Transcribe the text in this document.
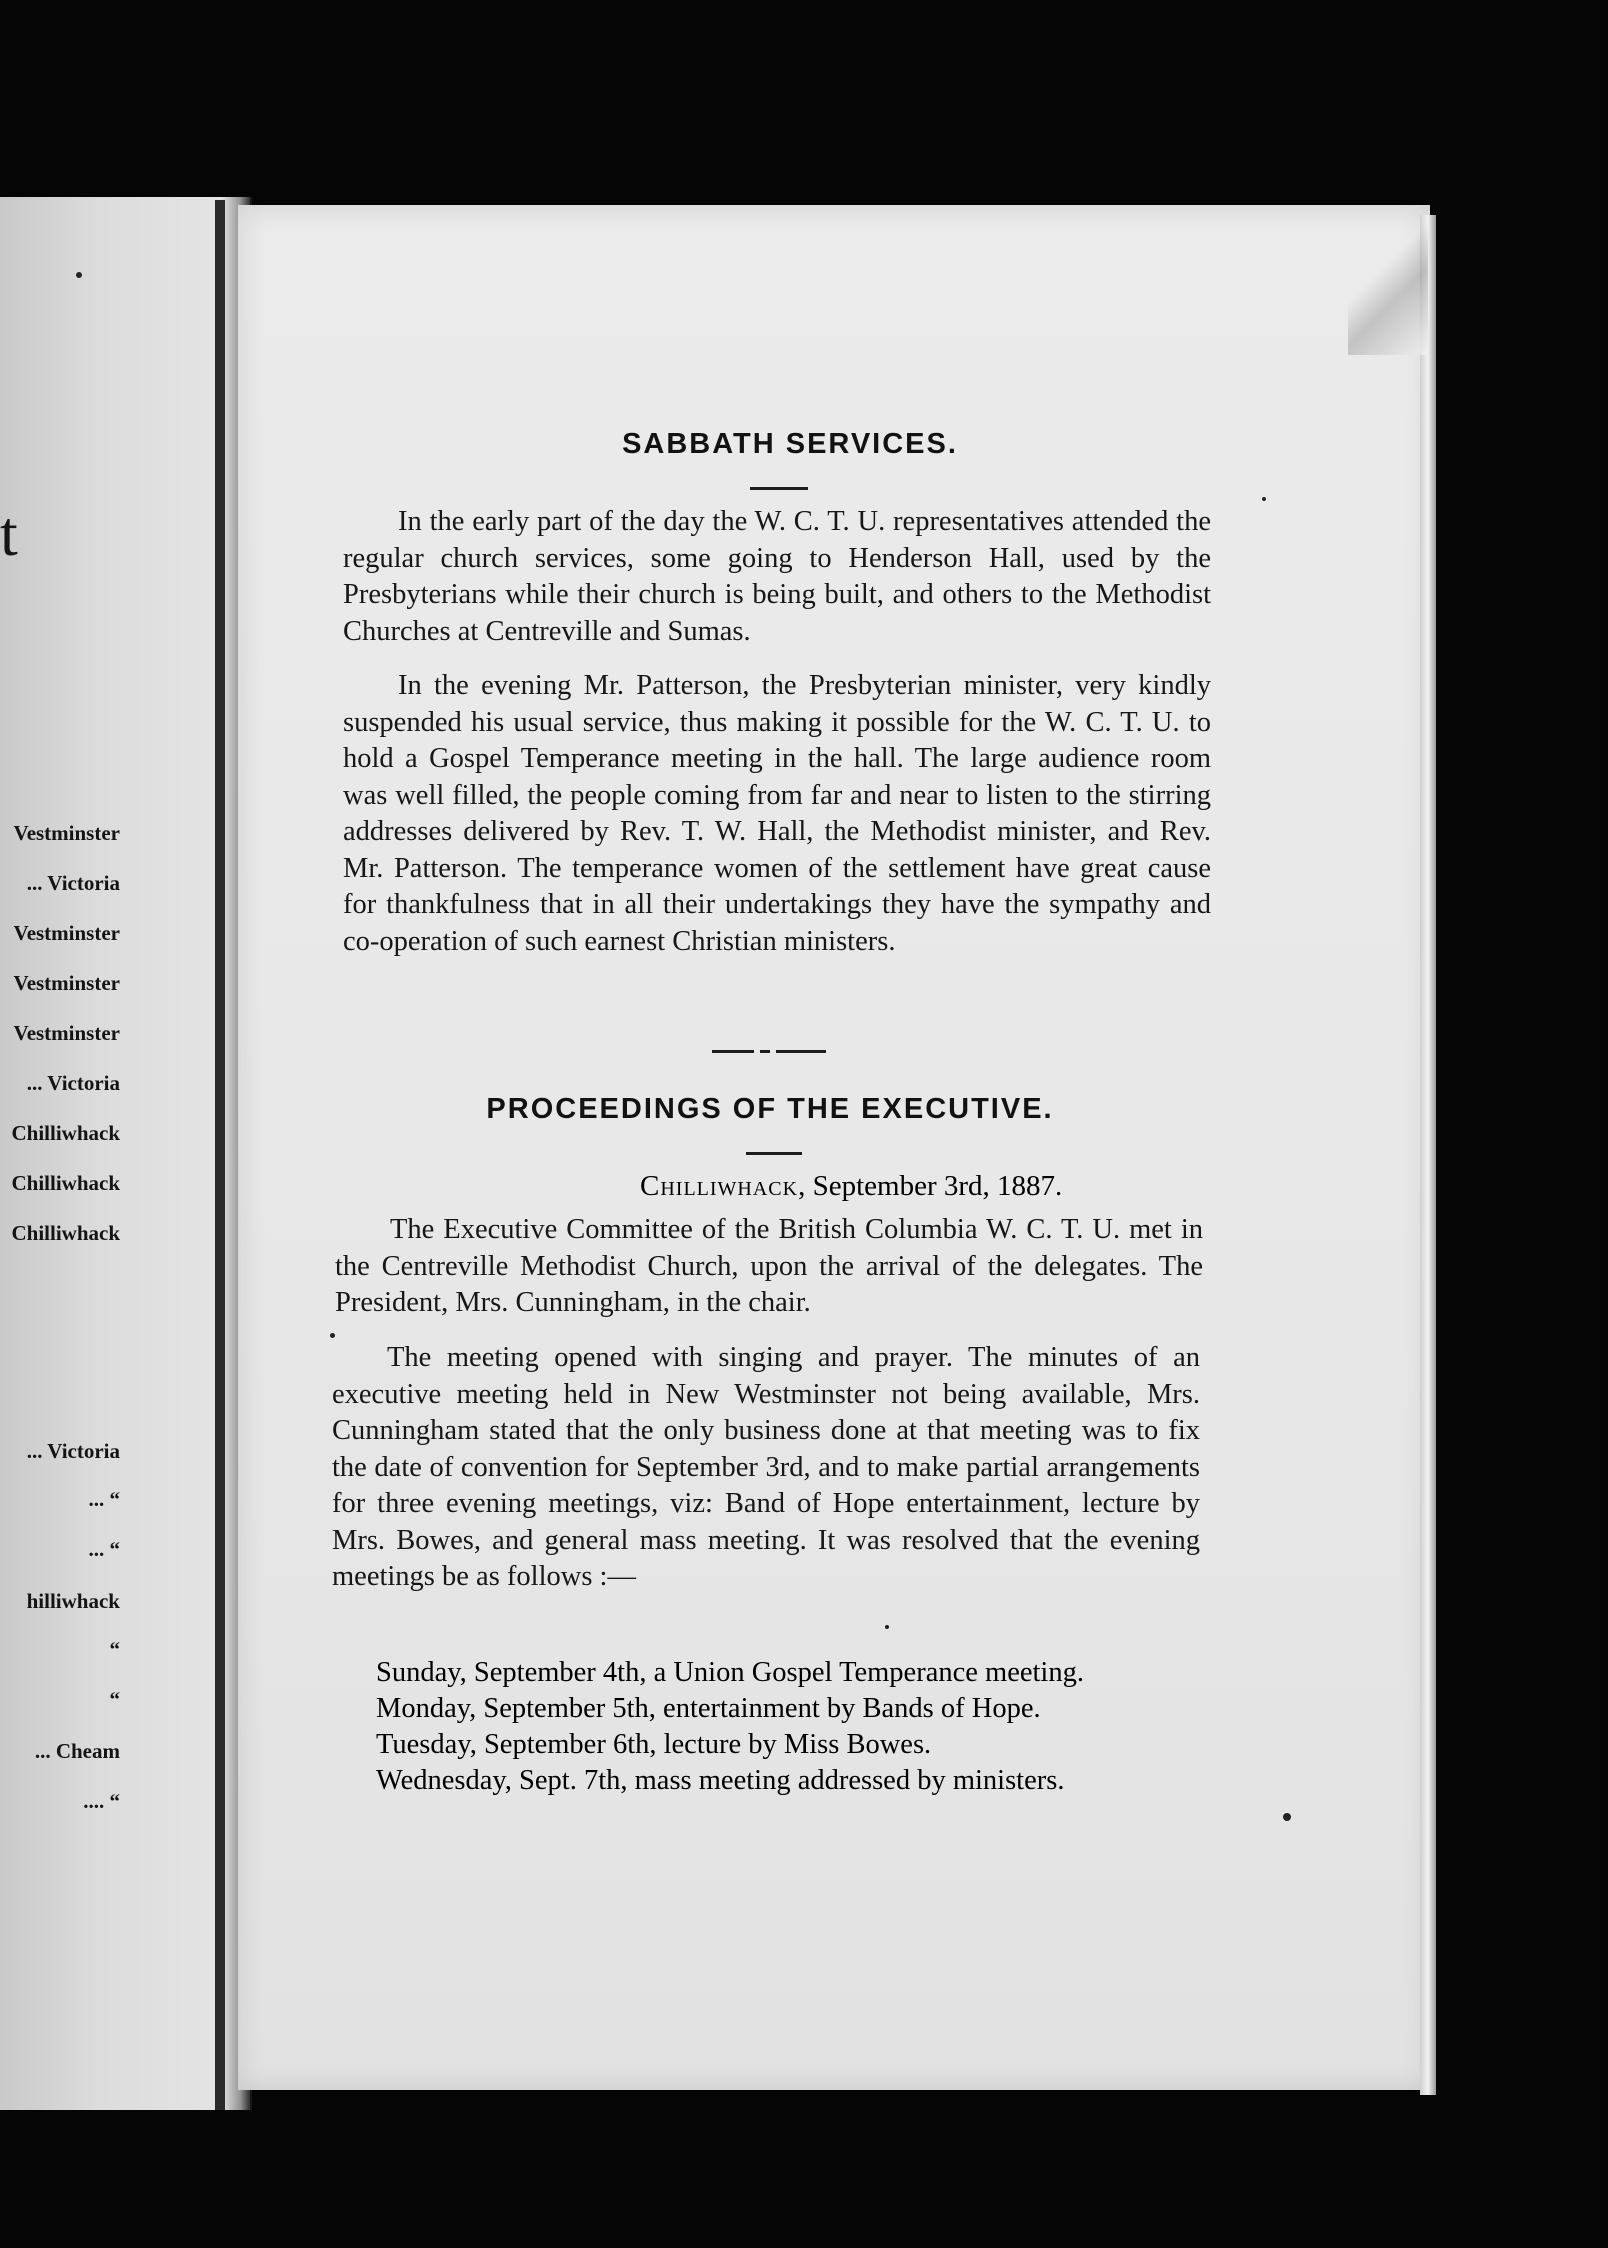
t
Vestminster
... Victoria
Vestminster
Vestminster
Vestminster
... Victoria
Chilliwhack
Chilliwhack
Chilliwhack
... Victoria
... “
... “
hilliwhack
“
“
... Cheam
.... “
SABBATH SERVICES.

In the early part of the day the W. C. T. U. representatives attended the regular church services, some going to Henderson Hall, used by the Presbyterians while their church is being built, and others to the Methodist Churches at Centreville and Sumas.

In the evening Mr. Patterson, the Presbyterian minister, very kindly suspended his usual service, thus making it possible for the W. C. T. U. to hold a Gospel Temperance meeting in the hall. The large audience room was well filled, the people coming from far and near to listen to the stirring addresses delivered by Rev. T. W. Hall, the Methodist minister, and Rev. Mr. Patterson. The temperance women of the settlement have great cause for thankfulness that in all their undertakings they have the sympathy and co-operation of such earnest Christian ministers.

PROCEEDINGS OF THE EXECUTIVE.
Chilliwhack, September 3rd, 1887.

The Executive Committee of the British Columbia W. C. T. U. met in the Centreville Methodist Church, upon the arrival of the delegates. The President, Mrs. Cunningham, in the chair.

The meeting opened with singing and prayer. The minutes of an executive meeting held in New Westminster not being available, Mrs. Cunningham stated that the only business done at that meeting was to fix the date of convention for September 3rd, and to make partial arrangements for three evening meetings, viz: Band of Hope entertainment, lecture by Mrs. Bowes, and general mass meeting. It was resolved that the evening meetings be as follows :—

Sunday, September 4th, a Union Gospel Temperance meeting.
Monday, September 5th, entertainment by Bands of Hope.
Tuesday, September 6th, lecture by Miss Bowes.
Wednesday, Sept. 7th, mass meeting addressed by ministers.
